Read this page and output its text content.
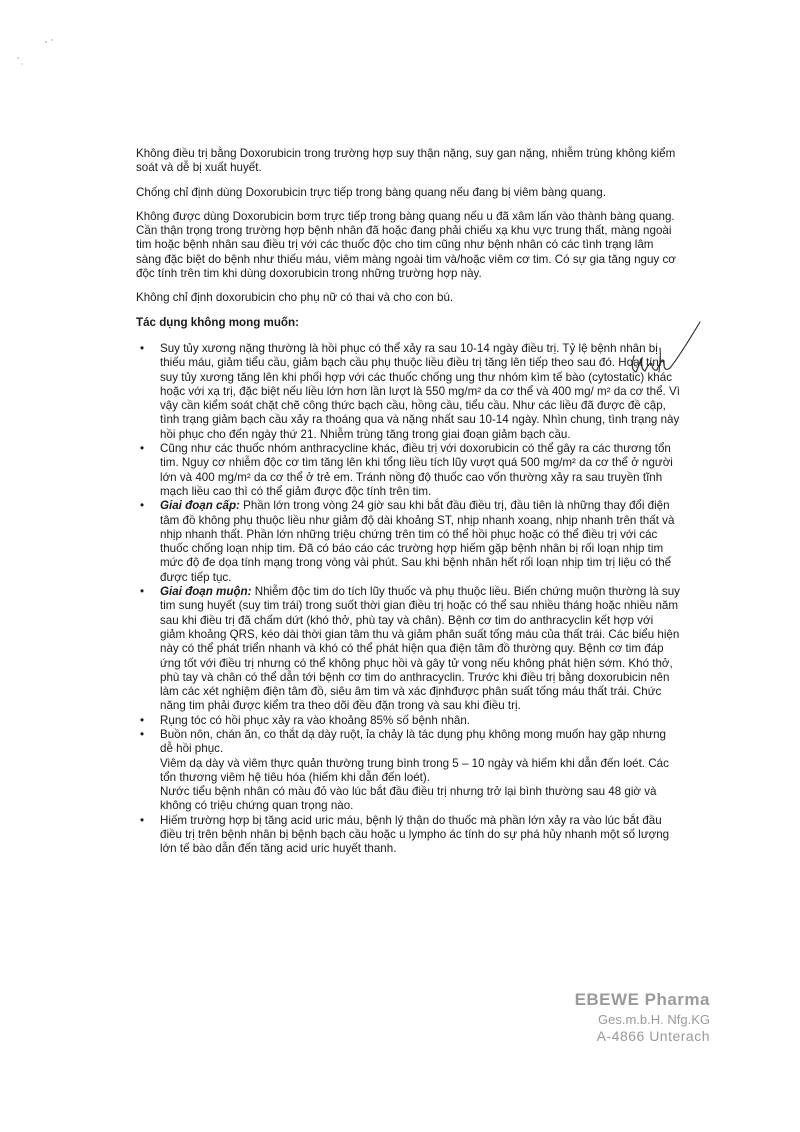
Không điều trị bằng Doxorubicin trong trường hợp suy thận nặng, suy gan nặng, nhiễm trùng không kiểm soát và dễ bị xuất huyết.

Chống chỉ định dùng Doxorubicin trực tiếp trong bàng quang nếu đang bị viêm bàng quang.

Không được dùng Doxorubicin bơm trực tiếp trong bàng quang nếu u đã xâm lấn vào thành bàng quang. Cần thận trọng trong trường hợp bệnh nhân đã hoặc đang phải chiếu xạ khu vực trung thất, màng ngoài tim hoặc bệnh nhân sau điều trị với các thuốc độc cho tim cũng như bệnh nhân có các tình trạng lâm sàng đặc biệt do bệnh như thiếu máu, viêm màng ngoài tim và/hoặc viêm cơ tim. Có sự gia tăng nguy cơ độc tính trên tim khi dùng doxorubicin trong những trường hợp này.

Không chỉ định doxorubicin cho phụ nữ có thai và cho con bú.

Tác dụng không mong muốn:
• Suy tủy xương nặng thường là hồi phục có thể xảy ra sau 10-14 ngày điều trị. Tỷ lệ bệnh nhân bị thiếu máu, giảm tiểu cầu, giảm bạch cầu phụ thuộc liều điều trị tăng lên tiếp theo sau đó. Hoạt tính suy tủy xương tăng lên khi phối hợp với các thuốc chống ung thư nhóm kìm tế bào (cytostatic) khác hoặc với xạ trị, đặc biệt nếu liều lớn hơn lần lượt là 550 mg/m² da cơ thể và 400 mg/ m² da cơ thể. Vì vậy cần kiểm soát chặt chẽ công thức bạch cầu, hồng cầu, tiểu cầu. Như các liều đã được đề cập, tình trạng giảm bạch cầu xảy ra thoáng qua và nặng nhất sau 10-14 ngày. Nhìn chung, tình trạng này hồi phục cho đến ngày thứ 21. Nhiễm trùng tăng trong giai đoạn giảm bạch cầu.
• Cũng như các thuốc nhóm anthracycline khác, điều trị với doxorubicin có thể gây ra các thương tổn tim. Nguy cơ nhiễm độc cơ tim tăng lên khi tổng liều tích lũy vượt quá 500 mg/m² da cơ thể ở người lớn và 400 mg/m² da cơ thể ở trẻ em. Tránh nồng độ thuốc cao vốn thường xảy ra sau truyền tĩnh mạch liều cao thì có thể giảm được độc tính trên tim.
• Giai đoạn cấp: Phần lớn trong vòng 24 giờ sau khi bắt đầu điều trị, đầu tiên là những thay đổi điện tâm đồ không phụ thuộc liều như giảm độ dài khoảng ST, nhịp nhanh xoang, nhịp nhanh trên thất và nhịp nhanh thất. Phần lớn những triệu chứng trên tim có thể hồi phục hoặc có thể điều trị với các thuốc chống loạn nhịp tim. Đã có báo cáo các trường hợp hiếm gặp bệnh nhân bị rối loạn nhịp tim mức độ đe dọa tính mạng trong vòng vài phút. Sau khi bệnh nhân hết rối loạn nhịp tim trị liệu có thể được tiếp tục.
• Giai đoạn muộn: Nhiễm độc tim do tích lũy thuốc và phụ thuộc liều. Biến chứng muộn thường là suy tim sung huyết (suy tim trái) trong suốt thời gian điều trị hoặc có thể sau nhiều tháng hoặc nhiều năm sau khi điều trị đã chấm dứt (khó thở, phù tay và chân). Bệnh cơ tim do anthracyclin kết hợp với giảm khoảng QRS, kéo dài thời gian tâm thu và giảm phân suất tống máu của thất trái. Các biểu hiện này có thể phát triển nhanh và khó có thể phát hiện qua điện tâm đồ thường quy. Bệnh cơ tim đáp ứng tốt với điều trị nhưng có thể không phục hồi và gây tử vong nếu không phát hiện sớm. Khó thở, phù tay và chân có thể dẫn tới bệnh cơ tim do anthracyclin. Trước khi điều trị bằng doxorubicin nên làm các xét nghiệm điện tâm đồ, siêu âm tim và xác địnhđược phân suất tống máu thất trái. Chức năng tim phải được kiểm tra theo dõi đều đặn trong và sau khi điều trị.
• Rụng tóc có hồi phục xảy ra vào khoảng 85% số bệnh nhân.
• Buồn nôn, chán ăn, co thắt dạ dày ruột, ỉa chảy là tác dụng phụ không mong muốn hay gặp nhưng dễ hồi phục.
Viêm dạ dày và viêm thực quản thường trung bình trong 5 – 10 ngày và hiếm khi dẫn đến loét. Các tổn thương viêm hệ tiêu hóa (hiếm khi dẫn đến loét).
Nước tiểu bệnh nhân có màu đỏ vào lúc bắt đầu điều trị nhưng trở lại bình thường sau 48 giờ và không có triệu chứng quan trọng nào.
• Hiếm trường hợp bị tăng acid uric máu, bệnh lý thận do thuốc mà phần lớn xảy ra vào lúc bắt đầu điều trị trên bệnh nhân bị bệnh bạch cầu hoặc u lympho ác tính do sự phá hủy nhanh một số lượng lớn tế bào dẫn đến tăng acid uric huyết thanh.
EBEWE Pharma
Ges.m.b.H. Nfg.KG
A-4866 Unterach
